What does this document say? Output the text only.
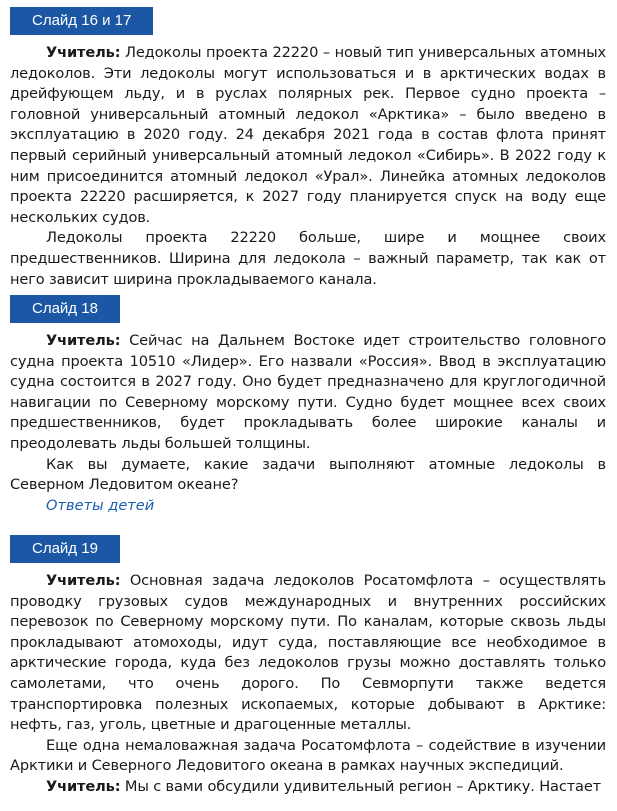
Слайд 16 и 17

Учитель: Ледоколы проекта 22220 – новый тип универсальных атомных ледоколов. Эти ледоколы могут использоваться и в арктических водах в дрейфующем льду, и в руслах полярных рек. Первое судно проекта – головной универсальный атомный ледокол «Арктика» – было введено в эксплуатацию в 2020 году. 24 декабря 2021 года в состав флота принят первый серийный универсальный атомный ледокол «Сибирь». В 2022 году к ним присоединится атомный ледокол «Урал». Линейка атомных ледоколов проекта 22220 расширяется, к 2027 году планируется спуск на воду еще нескольких судов.

Ледоколы проекта 22220 больше, шире и мощнее своих предшественников. Ширина для ледокола – важный параметр, так как от него зависит ширина прокладываемого канала.

Слайд 18

Учитель: Сейчас на Дальнем Востоке идет строительство головного судна проекта 10510 «Лидер». Его назвали «Россия». Ввод в эксплуатацию судна состоится в 2027 году. Оно будет предназначено для круглогодичной навигации по Северному морскому пути. Судно будет мощнее всех своих предшественников, будет прокладывать более широкие каналы и преодолевать льды большей толщины.

Как вы думаете, какие задачи выполняют атомные ледоколы в Северном Ледовитом океане?

Ответы детей

Слайд 19

Учитель: Основная задача ледоколов Росатомфлота – осуществлять проводку грузовых судов международных и внутренних российских перевозок по Северному морскому пути. По каналам, которые сквозь льды прокладывают атомоходы, идут суда, поставляющие все необходимое в арктические города, куда без ледоколов грузы можно доставлять только самолетами, что очень дорого. По Севморпути также ведется транспортировка полезных ископаемых, которые добывают в Арктике: нефть, газ, уголь, цветные и драгоценные металлы.

Еще одна немаловажная задача Росатомфлота – содействие в изучении Арктики и Северного Ледовитого океана в рамках научных экспедиций.

Учитель: Мы с вами обсудили удивительный регион – Арктику. Настает
